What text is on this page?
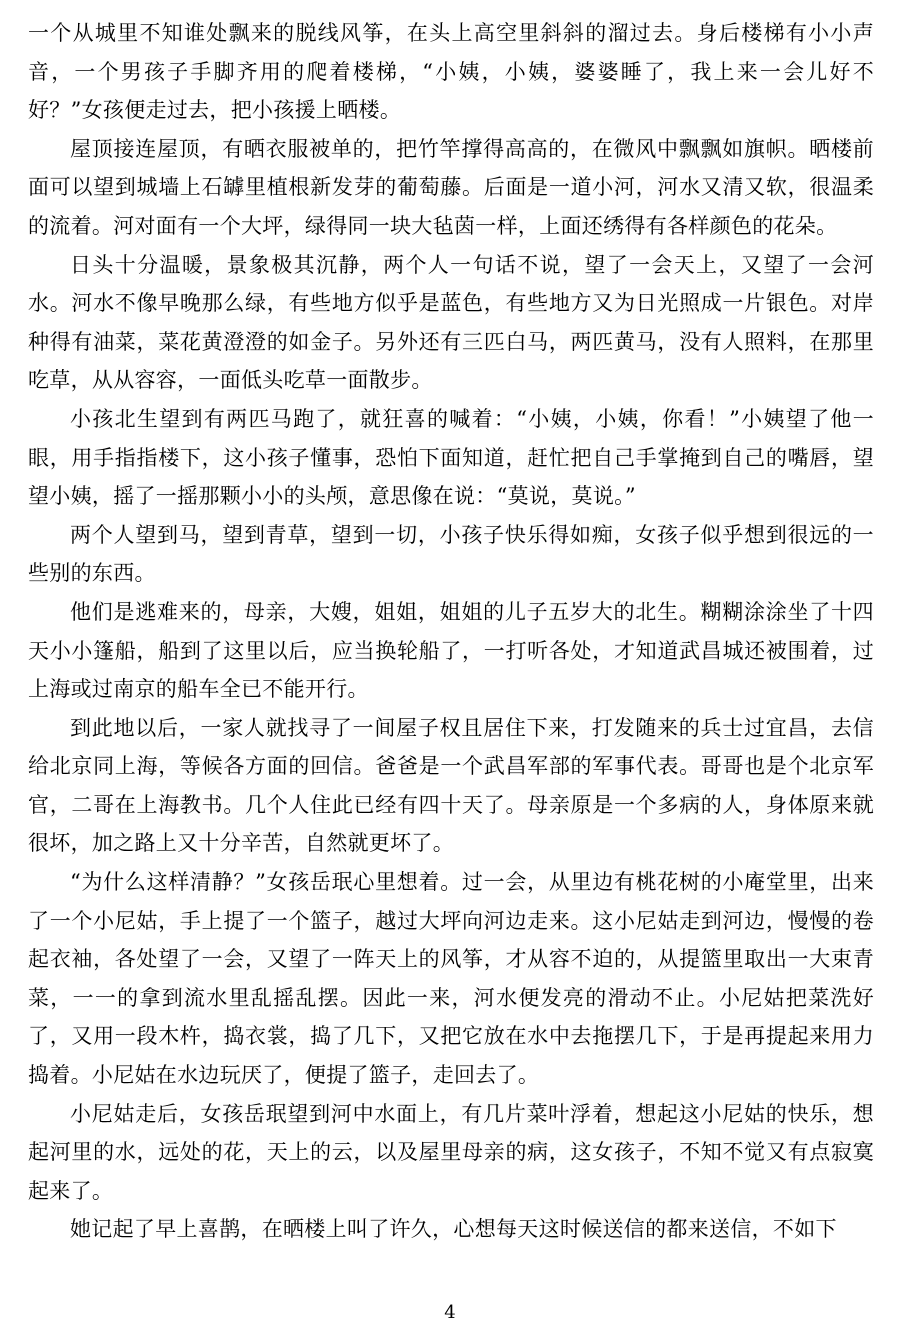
一个从城里不知谁处飘来的脱线风筝，在头上高空里斜斜的溜过去。身后楼梯有小小声音，一个男孩子手脚齐用的爬着楼梯，“小姨，小姨，婆婆睡了，我上来一会儿好不好？”女孩便走过去，把小孩援上晒楼。

屋顶接连屋顶，有晒衣服被单的，把竹竿撑得高高的，在微风中飘飘如旗帜。晒楼前面可以望到城墙上石罅里植根新发芽的葡萄藤。后面是一道小河，河水又清又软，很温柔的流着。河对面有一个大坪，绿得同一块大毡茵一样，上面还绣得有各样颜色的花朵。

日头十分温暖，景象极其沉静，两个人一句话不说，望了一会天上，又望了一会河水。河水不像早晚那么绿，有些地方似乎是蓝色，有些地方又为日光照成一片银色。对岸种得有油菜，菜花黄澄澄的如金子。另外还有三匹白马，两匹黄马，没有人照料，在那里吃草，从从容容，一面低头吃草一面散步。

小孩北生望到有两匹马跑了，就狂喜的喊着：“小姨，小姨，你看！”小姨望了他一眼，用手指指楼下，这小孩子懂事，恐怕下面知道，赶忙把自己手掌掩到自己的嘴唇，望望小姨，摇了一摇那颗小小的头颅，意思像在说：“莫说，莫说。”

两个人望到马，望到青草，望到一切，小孩子快乐得如痴，女孩子似乎想到很远的一些别的东西。

他们是逃难来的，母亲，大嫂，姐姐，姐姐的儿子五岁大的北生。糊糊涂涂坐了十四天小小篷船，船到了这里以后，应当换轮船了，一打听各处，才知道武昌城还被围着，过上海或过南京的船车全已不能开行。

到此地以后，一家人就找寻了一间屋子权且居住下来，打发随来的兵士过宜昌，去信给北京同上海，等候各方面的回信。爸爸是一个武昌军部的军事代表。哥哥也是个北京军官，二哥在上海教书。几个人住此已经有四十天了。母亲原是一个多病的人，身体原来就很坏，加之路上又十分辛苦，自然就更坏了。

“为什么这样清静？”女孩岳珉心里想着。过一会，从里边有桃花树的小庵堂里，出来了一个小尼姑，手上提了一个篮子，越过大坪向河边走来。这小尼姑走到河边，慢慢的卷起衣袖，各处望了一会，又望了一阵天上的风筝，才从容不迫的，从提篮里取出一大束青菜，一一的拿到流水里乱摇乱摆。因此一来，河水便发亮的滑动不止。小尼姑把菜洗好了，又用一段木杵，捣衣裳，捣了几下，又把它放在水中去拖摆几下，于是再提起来用力捣着。小尼姑在水边玩厌了，便提了篮子，走回去了。

小尼姑走后，女孩岳珉望到河中水面上，有几片菜叶浮着，想起这小尼姑的快乐，想起河里的水，远处的花，天上的云，以及屋里母亲的病，这女孩子，不知不觉又有点寂寞起来了。

她记起了早上喜鹊，在晒楼上叫了许久，心想每天这时候送信的都来送信，不如下

4
